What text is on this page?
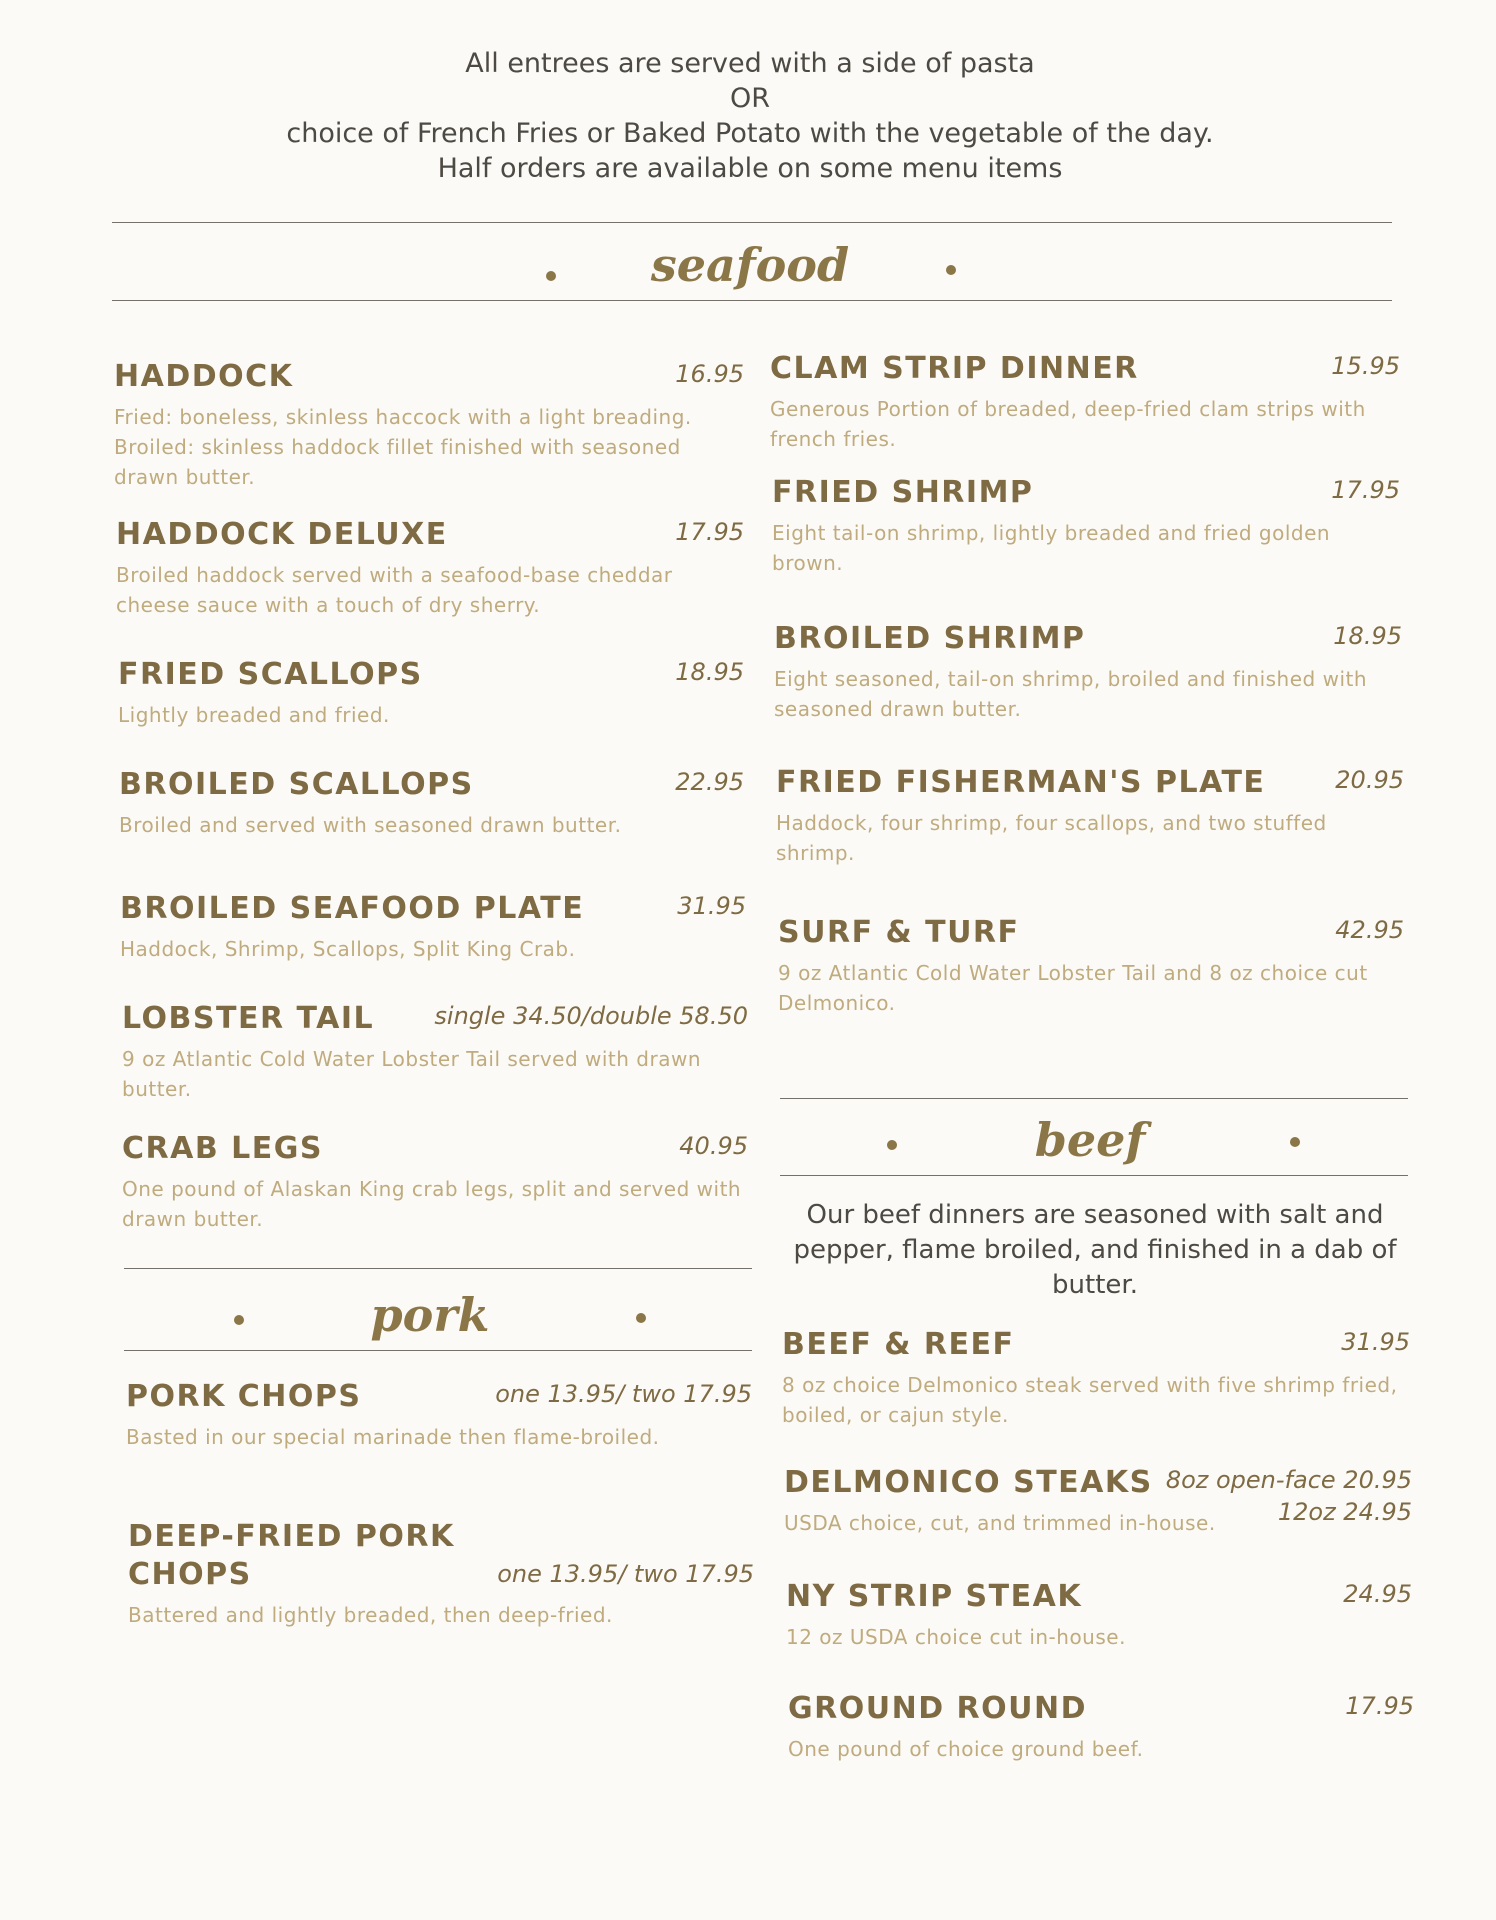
All entrees are served with a side of pasta
OR
choice of French Fries or Baked Potato with the vegetable of the day.
Half orders are available on some menu items
seafood
HADDOCK	16.95
Fried: boneless, skinless haccock with a light breading. Broiled: skinless haddock fillet finished with seasoned drawn butter.
HADDOCK DELUXE	17.95
Broiled haddock served with a seafood-base cheddar cheese sauce with a touch of dry sherry.
FRIED SCALLOPS	18.95
Lightly breaded and fried.
BROILED SCALLOPS	22.95
Broiled and served with seasoned drawn butter.
BROILED SEAFOOD PLATE	31.95
Haddock, Shrimp, Scallops, Split King Crab.
LOBSTER TAIL	single 34.50/double 58.50
9 oz Atlantic Cold Water Lobster Tail served with drawn butter.
CRAB LEGS	40.95
One pound of Alaskan King crab legs, split and served with drawn butter.
pork
PORK CHOPS	one 13.95/ two 17.95
Basted in our special marinade then flame-broiled.
DEEP-FRIED PORK CHOPS	one 13.95/ two 17.95
Battered and lightly breaded, then deep-fried.
CLAM STRIP DINNER	15.95
Generous Portion of breaded, deep-fried clam strips with french fries.
FRIED SHRIMP	17.95
Eight tail-on shrimp, lightly breaded and fried golden brown.
BROILED SHRIMP	18.95
Eight seasoned, tail-on shrimp, broiled and finished with seasoned drawn butter.
FRIED FISHERMAN'S PLATE	20.95
Haddock, four shrimp, four scallops, and two stuffed shrimp.
SURF & TURF	42.95
9 oz Atlantic Cold Water Lobster Tail and 8 oz choice cut Delmonico.
beef
Our beef dinners are seasoned with salt and pepper, flame broiled, and finished in a dab of butter.
BEEF & REEF	31.95
8 oz choice Delmonico steak served with five shrimp fried, boiled, or cajun style.
DELMONICO STEAKS 8oz open-face 20.95
12oz 24.95
USDA choice, cut, and trimmed in-house.
NY STRIP STEAK	24.95
12 oz USDA choice cut in-house.
GROUND ROUND	17.95
One pound of choice ground beef.
